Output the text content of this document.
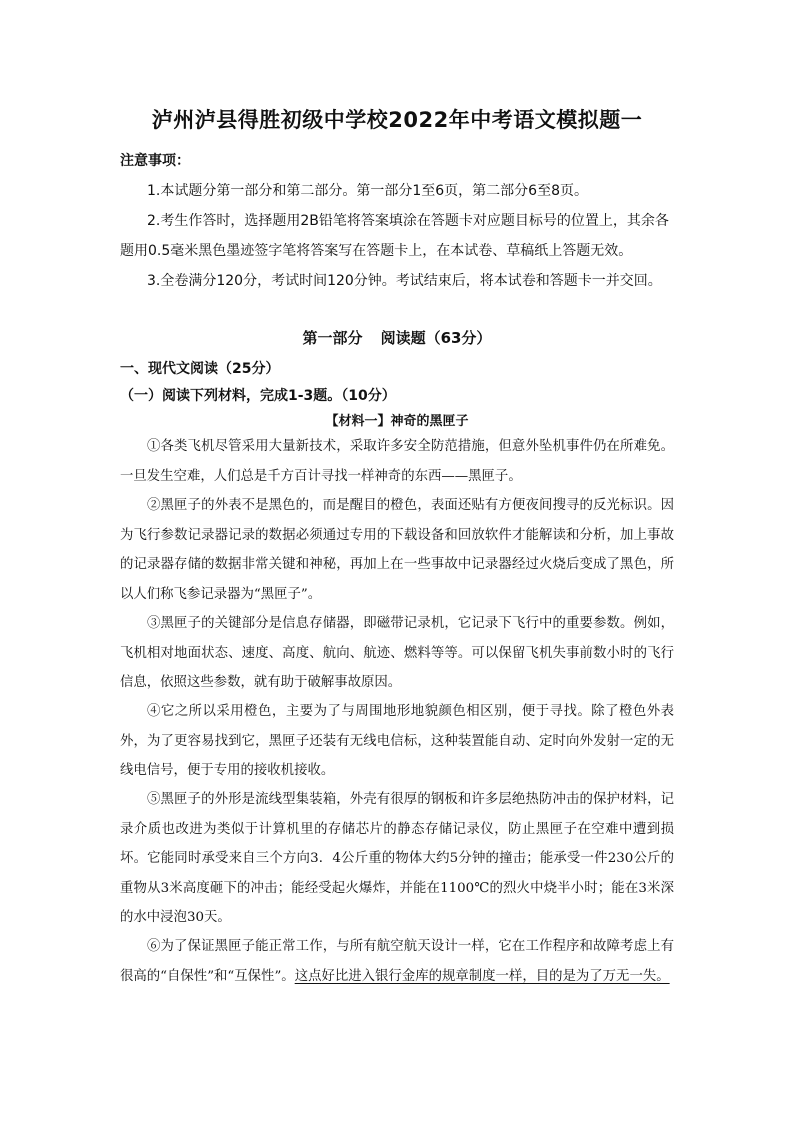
泸州泸县得胜初级中学校2022年中考语文模拟题一
注意事项：
1.本试题分第一部分和第二部分。第一部分1至6页，第二部分6至8页。
2.考生作答时，选择题用2B铅笔将答案填涂在答题卡对应题目标号的位置上，其余各
题用0.5毫米黑色墨迹签字笔将答案写在答题卡上，在本试卷、草稿纸上答题无效。
3.全卷满分120分，考试时间120分钟。考试结束后，将本试卷和答题卡一并交回。
第一部分 阅读题（63分）
一、现代文阅读（25分）
（一）阅读下列材料，完成1-3题。（10分）
【材料一】神奇的黑匣子

①各类飞机尽管采用大量新技术，采取许多安全防范措施，但意外坠机事件仍在所难免。一旦发生空难，人们总是千方百计寻找一样神奇的东西——黑匣子。

②黑匣子的外表不是黑色的，而是醒目的橙色，表面还贴有方便夜间搜寻的反光标识。因为飞行参数记录器记录的数据必须通过专用的下载设备和回放软件才能解读和分析，加上事故的记录器存储的数据非常关键和神秘，再加上在一些事故中记录器经过火烧后变成了黑色，所以人们称飞参记录器为“黑匣子”。

③黑匣子的关键部分是信息存储器，即磁带记录机，它记录下飞行中的重要参数。例如，飞机相对地面状态、速度、高度、航向、航迹、燃料等等。可以保留飞机失事前数小时的飞行信息，依照这些参数，就有助于破解事故原因。

④它之所以采用橙色，主要为了与周围地形地貌颜色相区别，便于寻找。除了橙色外表外，为了更容易找到它，黑匣子还装有无线电信标，这种装置能自动、定时向外发射一定的无线电信号，便于专用的接收机接收。

⑤黑匣子的外形是流线型集装箱，外壳有很厚的钢板和许多层绝热防冲击的保护材料，记录介质也改进为类似于计算机里的存储芯片的静态存储记录仪，防止黑匣子在空难中遭到损坏。它能同时承受来自三个方向3．4公斤重的物体大约5分钟的撞击；能承受一件230公斤的重物从3米高度砸下的冲击；能经受起火爆炸，并能在1100℃的烈火中烧半小时；能在3米深的水中浸泡30天。

⑥为了保证黑匣子能正常工作，与所有航空航天设计一样，它在工作程序和故障考虑上有很高的“自保性”和“互保性”。这点好比进入银行金库的规章制度一样，目的是为了万无一失。
